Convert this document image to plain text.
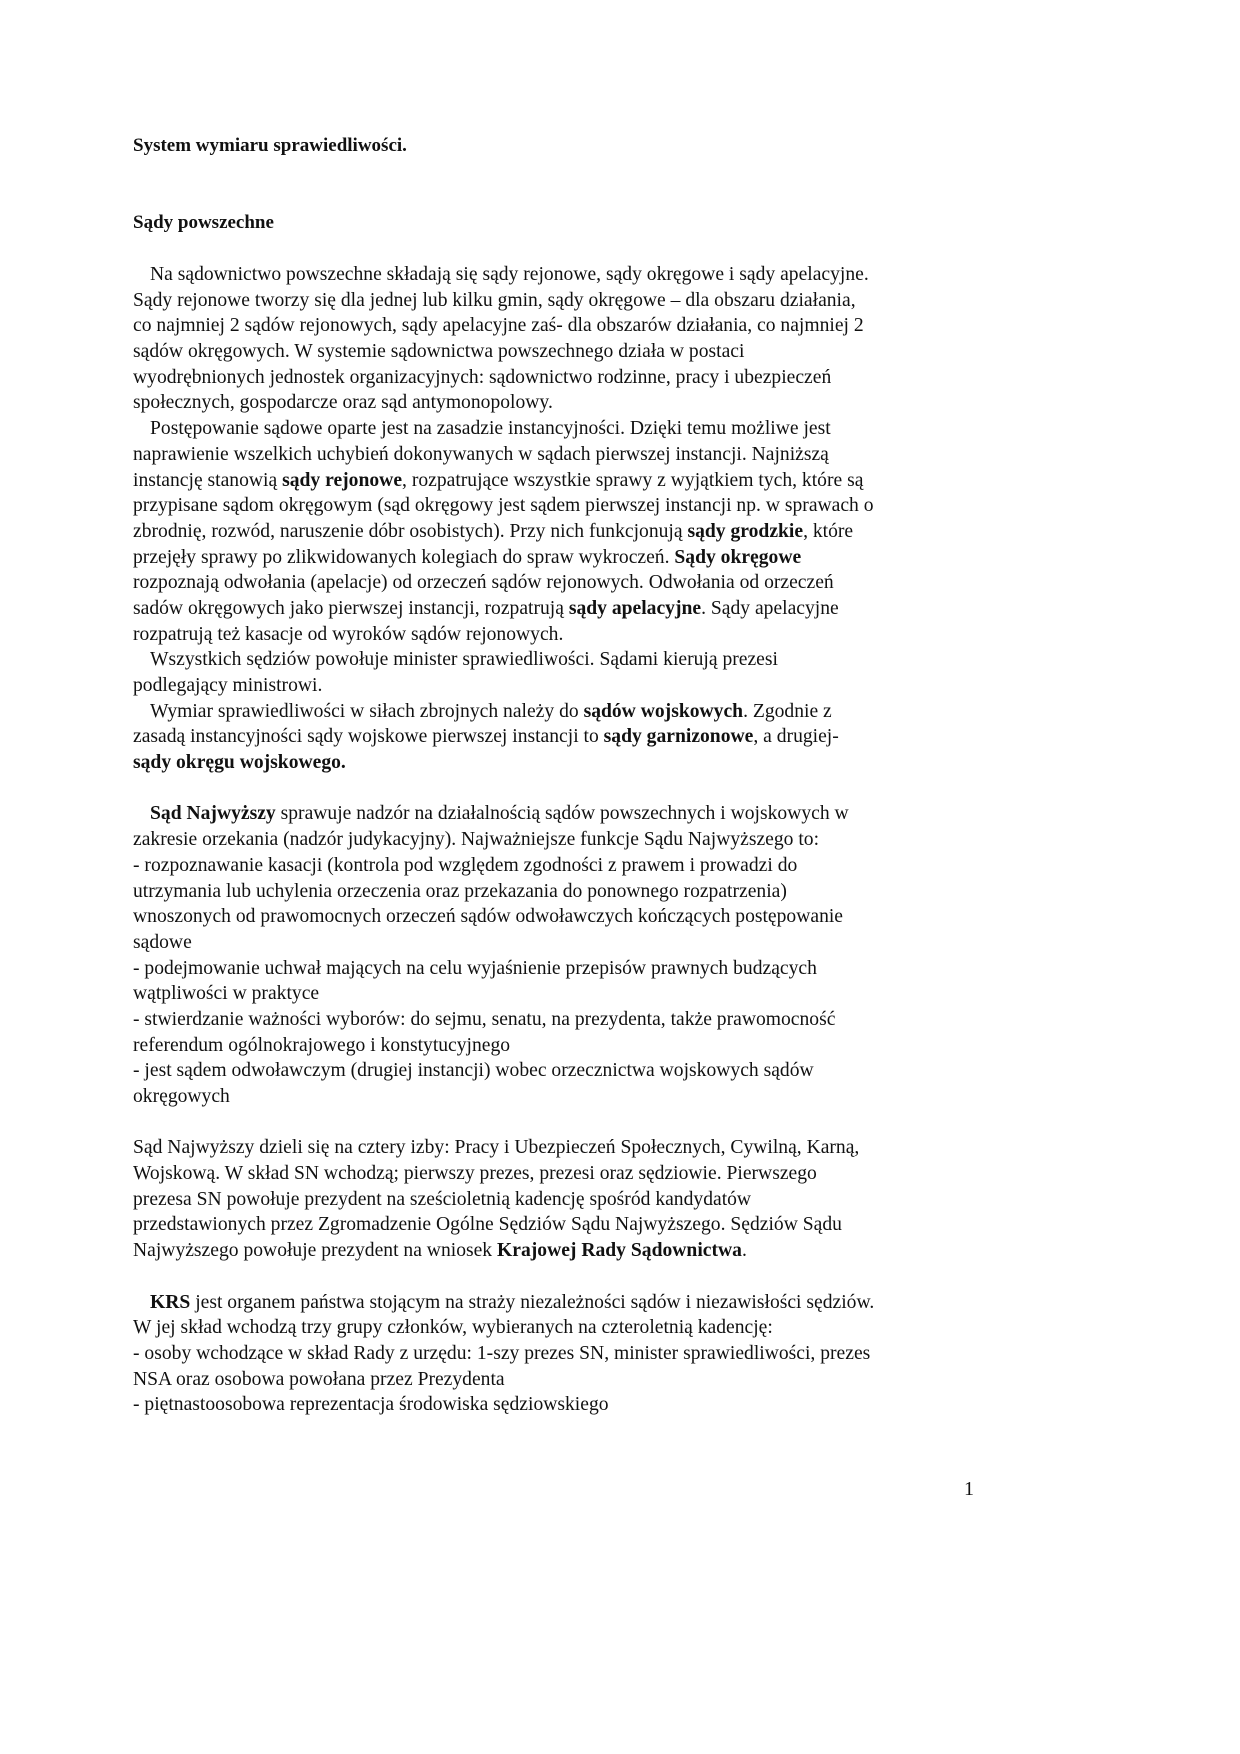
System wymiaru sprawiedliwości.
Sądy powszechne
Na sądownictwo powszechne składają się sądy rejonowe, sądy okręgowe i sądy apelacyjne.
Sądy rejonowe tworzy się dla jednej lub kilku gmin, sądy okręgowe – dla obszaru działania,
co najmniej 2 sądów rejonowych, sądy apelacyjne zaś- dla obszarów działania, co najmniej 2
sądów okręgowych. W systemie sądownictwa powszechnego działa w postaci
wyodrębnionych jednostek organizacyjnych: sądownictwo rodzinne, pracy i ubezpieczeń
społecznych, gospodarcze oraz sąd antymonopolowy.
Postępowanie sądowe oparte jest na zasadzie instancyjności. Dzięki temu możliwe jest
naprawienie wszelkich uchybień dokonywanych w sądach pierwszej instancji. Najniższą
instancję stanowią sądy rejonowe, rozpatrujące wszystkie sprawy z wyjątkiem tych, które są
przypisane sądom okręgowym (sąd okręgowy jest sądem pierwszej instancji np. w sprawach o
zbrodnię, rozwód, naruszenie dóbr osobistych). Przy nich funkcjonują sądy grodzkie, które
przejęły sprawy po zlikwidowanych kolegiach do spraw wykroczeń. Sądy okręgowe
rozpoznają odwołania (apelacje) od orzeczeń sądów rejonowych. Odwołania od orzeczeń
sadów okręgowych jako pierwszej instancji, rozpatrują sądy apelacyjne. Sądy apelacyjne
rozpatrują też kasacje od wyroków sądów rejonowych.
Wszystkich sędziów powołuje minister sprawiedliwości. Sądami kierują prezesi
podlegający ministrowi.
Wymiar sprawiedliwości w siłach zbrojnych należy do sądów wojskowych. Zgodnie z
zasadą instancyjności sądy wojskowe pierwszej instancji to sądy garnizonowe, a drugiej-
sądy okręgu wojskowego.
Sąd Najwyższy sprawuje nadzór na działalnością sądów powszechnych i wojskowych w
zakresie orzekania (nadzór judykacyjny). Najważniejsze funkcje Sądu Najwyższego to:
- rozpoznawanie kasacji (kontrola pod względem zgodności z prawem i prowadzi do
utrzymania lub uchylenia orzeczenia oraz przekazania do ponownego rozpatrzenia)
wnoszonych od prawomocnych orzeczeń sądów odwoławczych kończących postępowanie
sądowe
- podejmowanie uchwał mających na celu wyjaśnienie przepisów prawnych budzących
wątpliwości w praktyce
- stwierdzanie ważności wyborów: do sejmu, senatu, na prezydenta, także prawomocność
referendum ogólnokrajowego i konstytucyjnego
- jest sądem odwoławczym (drugiej instancji) wobec orzecznictwa wojskowych sądów
okręgowych
Sąd Najwyższy dzieli się na cztery izby: Pracy i Ubezpieczeń Społecznych, Cywilną, Karną,
Wojskową. W skład SN wchodzą; pierwszy prezes, prezesi oraz sędziowie. Pierwszego
prezesa SN powołuje prezydent na sześcioletnią kadencję spośród kandydatów
przedstawionych przez Zgromadzenie Ogólne Sędziów Sądu Najwyższego. Sędziów Sądu
Najwyższego powołuje prezydent na wniosek Krajowej Rady Sądownictwa.
KRS jest organem państwa stojącym na straży niezależności sądów i niezawisłości sędziów.
W jej skład wchodzą trzy grupy członków, wybieranych na czteroletnią kadencję:
- osoby wchodzące w skład Rady z urzędu: 1-szy prezes SN, minister sprawiedliwości, prezes
NSA oraz osobowa powołana przez Prezydenta
- piętnastoosobowa reprezentacja środowiska sędziowskiego
1
